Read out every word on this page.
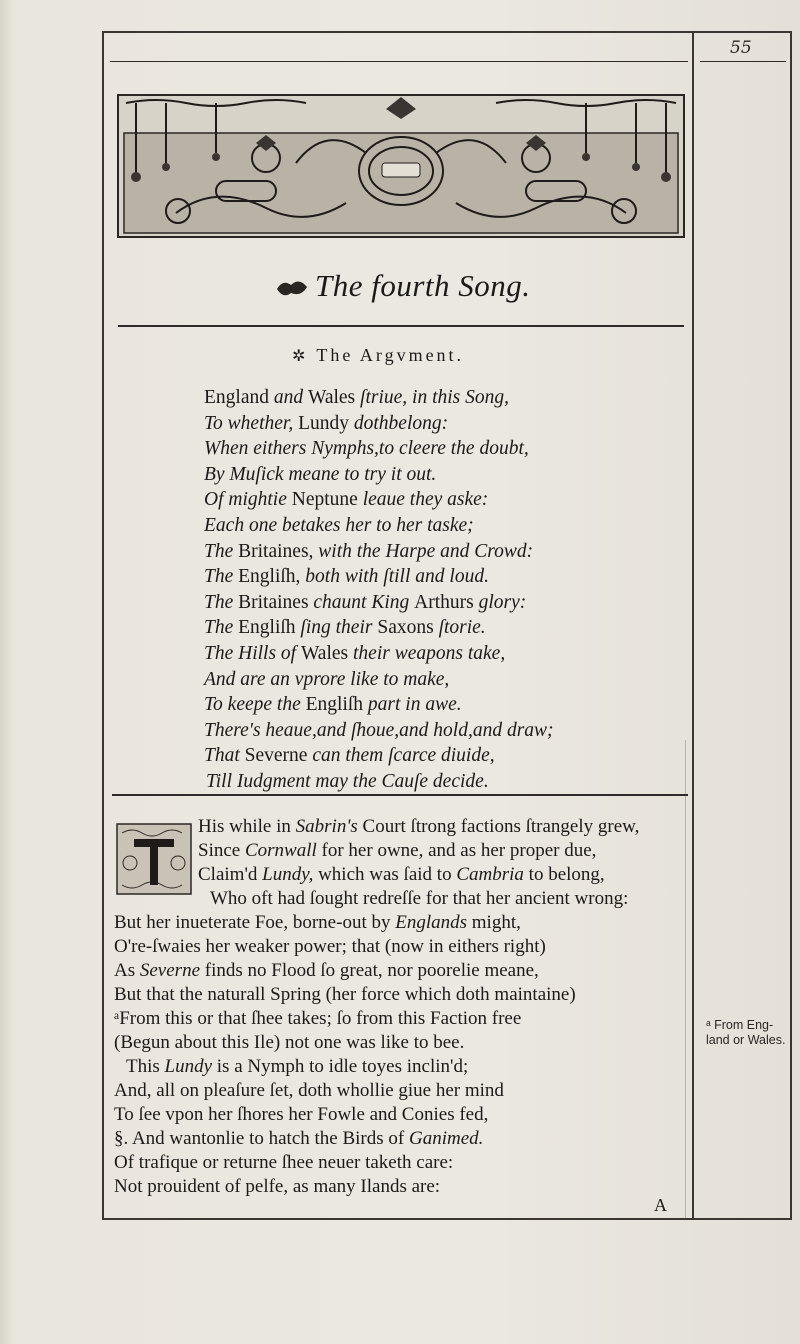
55
The fourth Song.
✲ The Argvment.
England and Wales ſtriue, in this Song,
To whether, Lundy dothbelong:
When eithers Nymphs,to cleere the doubt,
By Muſick meane to try it out.
Of mightie Neptune leaue they aske:
Each one betakes her to her taske;
The Britaines, with the Harpe and Crowd:
The Engliſh, both with ſtill and loud.
The Britaines chaunt King Arthurs glory:
The Engliſh ſing their Saxons ſtorie.
The Hills of Wales their weapons take,
And are an vprore like to make,
To keepe the Engliſh part in awe.
There's heaue,and ſhoue,and hold,and draw;
That Severne can them ſcarce diuide,
Till Iudgment may the Cauſe decide.
His while in Sabrin's Court ſtrong factions ſtrangely grew,
Since Cornwall for her owne, and as her proper due,
Claim'd Lundy, which was ſaid to Cambria to belong,
Who oft had ſought redreſſe for that her ancient wrong:
But her inueterate Foe, borne-out by Englands might,
O're-ſwaies her weaker power; that (now in eithers right)
As Severne finds no Flood ſo great, nor poorelie meane,
But that the naturall Spring (her force which doth maintaine)
ᵃFrom this or that ſhee takes; ſo from this Faction free
(Begun about this Ile) not one was like to bee.
This Lundy is a Nymph to idle toyes inclin'd;
And, all on pleaſure ſet, doth whollie giue her mind
To ſee vpon her ſhores her Fowle and Conies fed,
§. And wantonlie to hatch the Birds of Ganimed.
Of trafique or returne ſhee neuer taketh care:
Not prouident of pelfe, as many Ilands are:
ᵃ From Eng- land or Wales.
A
